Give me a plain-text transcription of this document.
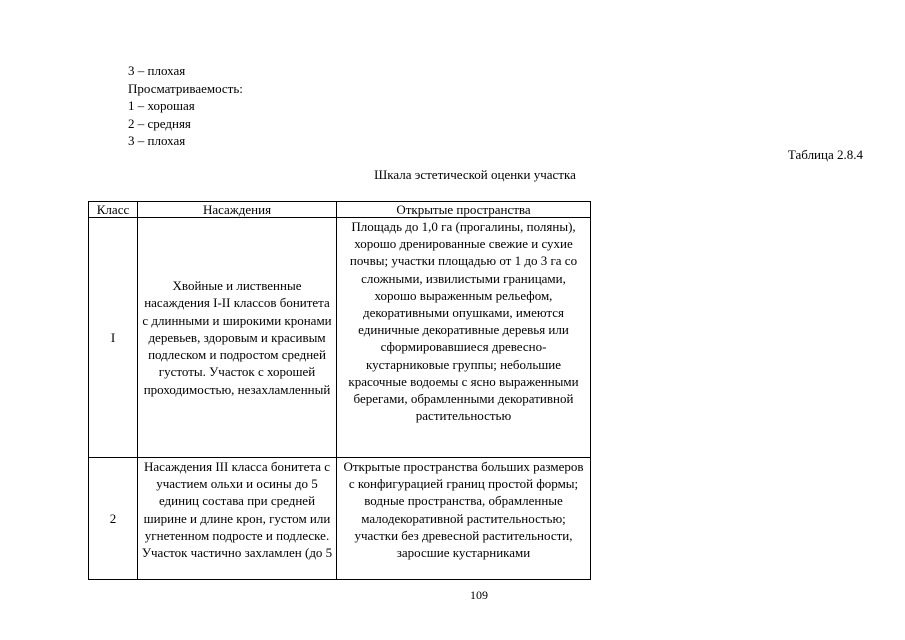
3 – плохая
Просматриваемость:
1 – хорошая
2 – средняя
3 – плохая
Таблица 2.8.4
Шкала эстетической оценки участка
Класс	Насаждения	Открытые пространства
I	Хвойные и лиственные насаждения I-II классов бонитета с длинными и широкими кронами деревьев, здоровым и красивым подлеском и подростом средней густоты. Участок с хорошей проходимостью, незахламленный	Площадь до 1,0 га (прогалины, поляны), хорошо дренированные свежие и сухие почвы; участки площадью от 1 до 3 га со сложными, извилистыми границами, хорошо выраженным рельефом, декоративными опушками, имеются единичные декоративные деревья или сформировавшиеся древесно-кустарниковые группы; небольшие красочные водоемы с ясно выраженными берегами, обрамленными декоративной растительностью
2	Насаждения III класса бонитета с участием ольхи и осины до 5 единиц состава при средней ширине и длине крон, густом или угнетенном подросте и подлеске. Участок частично захламлен (до 5	Открытые пространства больших размеров с конфигурацией границ простой формы; водные пространства, обрамленные малодекоративной растительностью; участки без древесной растительности, заросшие кустарниками
109
